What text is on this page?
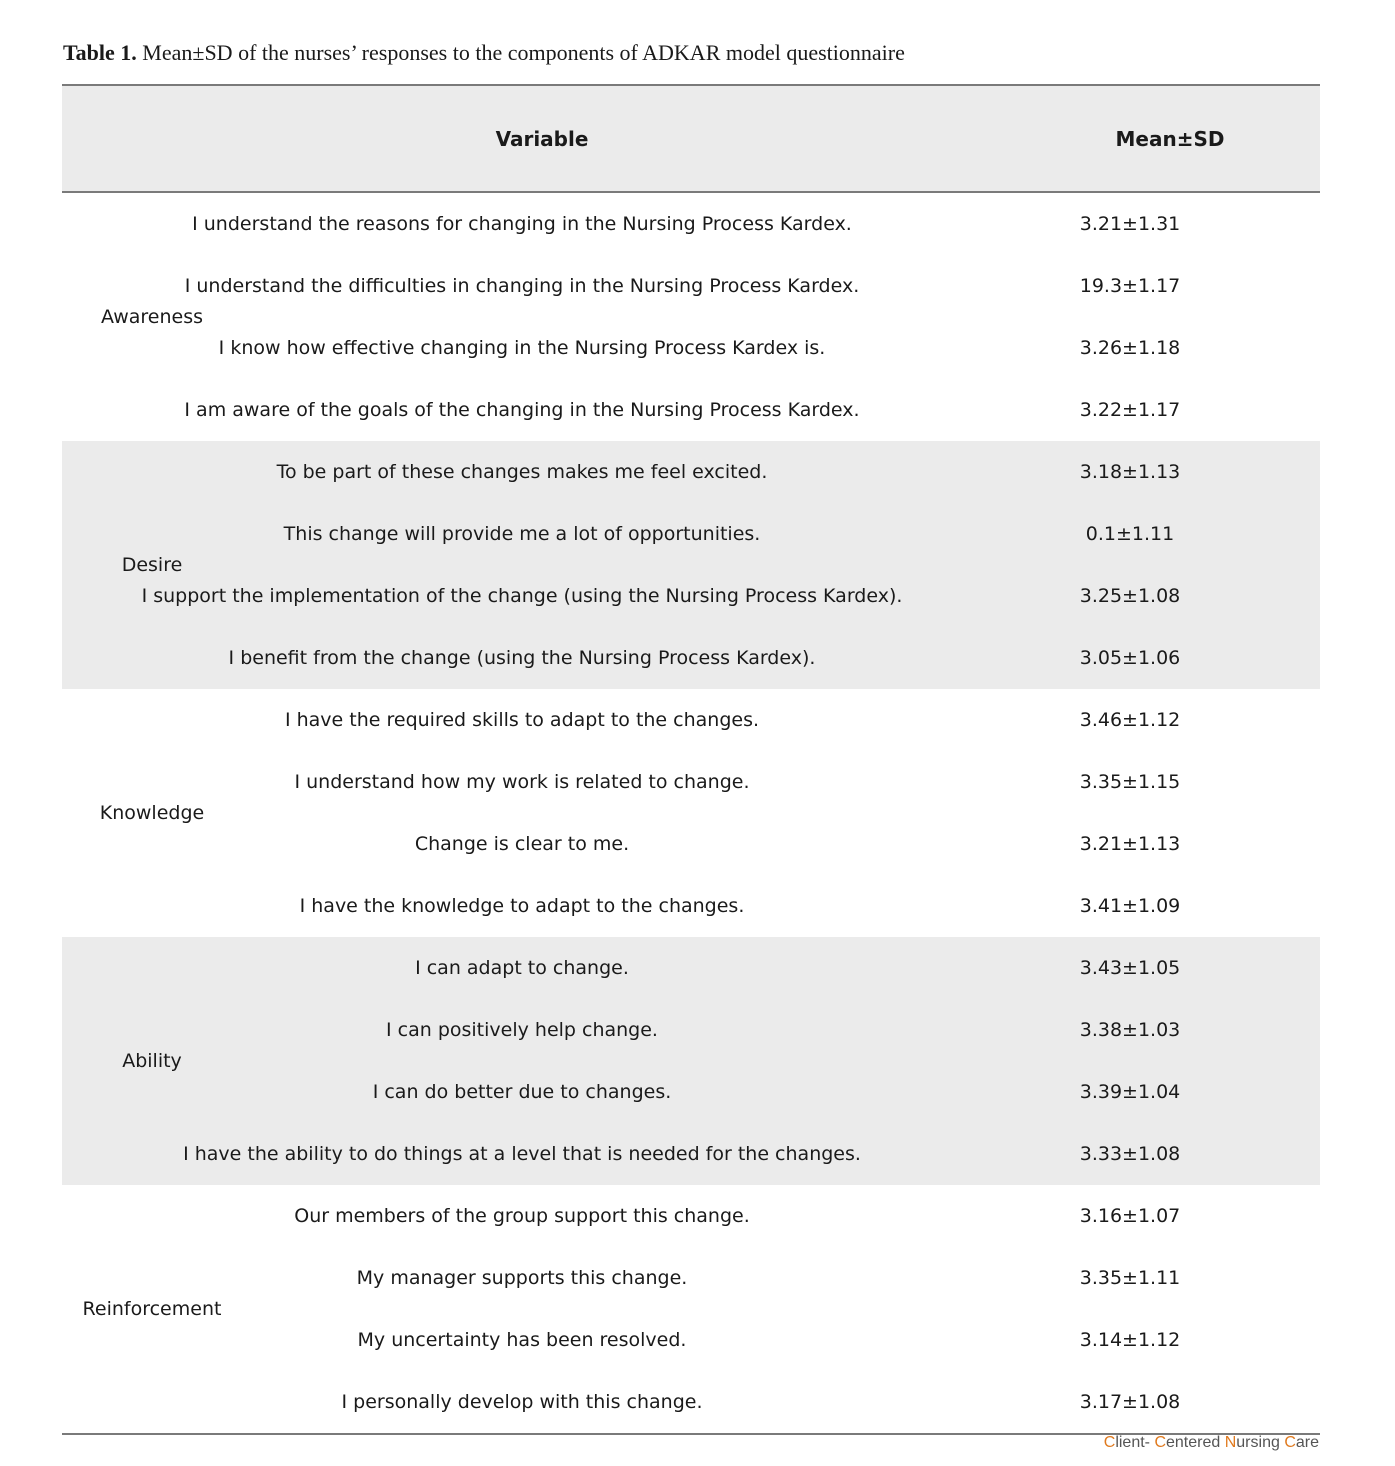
Table 1. Mean±SD of the nurses’ responses to the components of ADKAR model questionnaire
Variable	Mean±SD
Awareness
I understand the reasons for changing in the Nursing Process Kardex.	3.21±1.31
I understand the difficulties in changing in the Nursing Process Kardex.	19.3±1.17
I know how effective changing in the Nursing Process Kardex is.	3.26±1.18
I am aware of the goals of the changing in the Nursing Process Kardex.	3.22±1.17
Desire
To be part of these changes makes me feel excited.	3.18±1.13
This change will provide me a lot of opportunities.	0.1±1.11
I support the implementation of the change (using the Nursing Process Kardex).	3.25±1.08
I benefit from the change (using the Nursing Process Kardex).	3.05±1.06
Knowledge
I have the required skills to adapt to the changes.	3.46±1.12
I understand how my work is related to change.	3.35±1.15
Change is clear to me.	3.21±1.13
I have the knowledge to adapt to the changes.	3.41±1.09
Ability
I can adapt to change.	3.43±1.05
I can positively help change.	3.38±1.03
I can do better due to changes.	3.39±1.04
I have the ability to do things at a level that is needed for the changes.	3.33±1.08
Reinforcement
Our members of the group support this change.	3.16±1.07
My manager supports this change.	3.35±1.11
My uncertainty has been resolved.	3.14±1.12
I personally develop with this change.	3.17±1.08
Client- Centered Nursing Care
